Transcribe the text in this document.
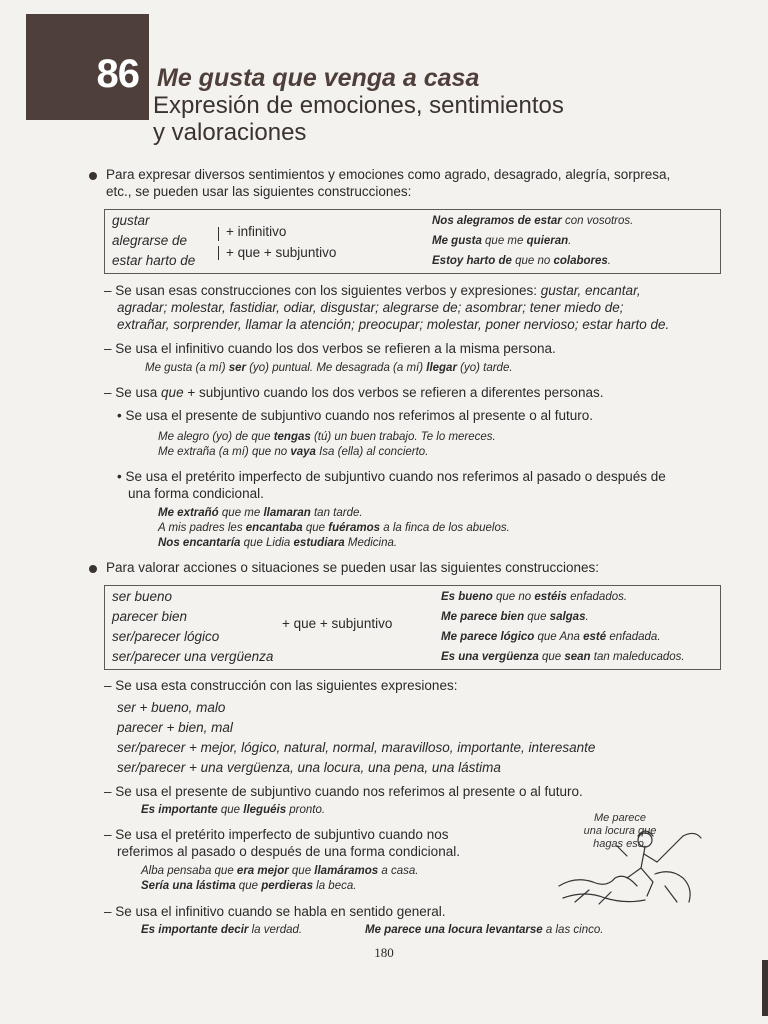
86 Me gusta que venga a casa
Expresión de emociones, sentimientos
y valoraciones
Para expresar diversos sentimientos y emociones como agrado, desagrado, alegría, sorpresa,
etc., se pueden usar las siguientes construcciones:
gustar
alegrarse de
estar harto de
+ infinitivo
+ que + subjuntivo
Nos alegramos de estar con vosotros.
Me gusta que me quieran.
Estoy harto de que no colabores.
– Se usan esas construcciones con los siguientes verbos y expresiones: gustar, encantar,
agradar; molestar, fastidiar, odiar, disgustar; alegrarse de; asombrar; tener miedo de;
extrañar, sorprender, llamar la atención; preocupar; molestar, poner nervioso; estar harto de.
– Se usa el infinitivo cuando los dos verbos se refieren a la misma persona.
Me gusta (a mí) ser (yo) puntual. Me desagrada (a mí) llegar (yo) tarde.
– Se usa que + subjuntivo cuando los dos verbos se refieren a diferentes personas.
• Se usa el presente de subjuntivo cuando nos referimos al presente o al futuro.
Me alegro (yo) de que tengas (tú) un buen trabajo. Te lo mereces.
Me extraña (a mí) que no vaya Isa (ella) al concierto.
• Se usa el pretérito imperfecto de subjuntivo cuando nos referimos al pasado o después de
una forma condicional.
Me extrañó que me llamaran tan tarde.
A mis padres les encantaba que fuéramos a la finca de los abuelos.
Nos encantaría que Lidia estudiara Medicina.
Para valorar acciones o situaciones se pueden usar las siguientes construcciones:
ser bueno
parecer bien
ser/parecer lógico
ser/parecer una vergüenza
+ que + subjuntivo
Es bueno que no estéis enfadados.
Me parece bien que salgas.
Me parece lógico que Ana esté enfadada.
Es una vergüenza que sean tan maleducados.
– Se usa esta construcción con las siguientes expresiones:
ser + bueno, malo
parecer + bien, mal
ser/parecer + mejor, lógico, natural, normal, maravilloso, importante, interesante
ser/parecer + una vergüenza, una locura, una pena, una lástima
– Se usa el presente de subjuntivo cuando nos referimos al presente o al futuro.
Es importante que lleguéis pronto.
– Se usa el pretérito imperfecto de subjuntivo cuando nos
referimos al pasado o después de una forma condicional.
Alba pensaba que era mejor que llamáramos a casa.
Sería una lástima que perdieras la beca.
– Se usa el infinitivo cuando se habla en sentido general.
Es importante decir la verdad.	Me parece una locura levantarse a las cinco.
Me parece
una locura que
hagas eso.
180
